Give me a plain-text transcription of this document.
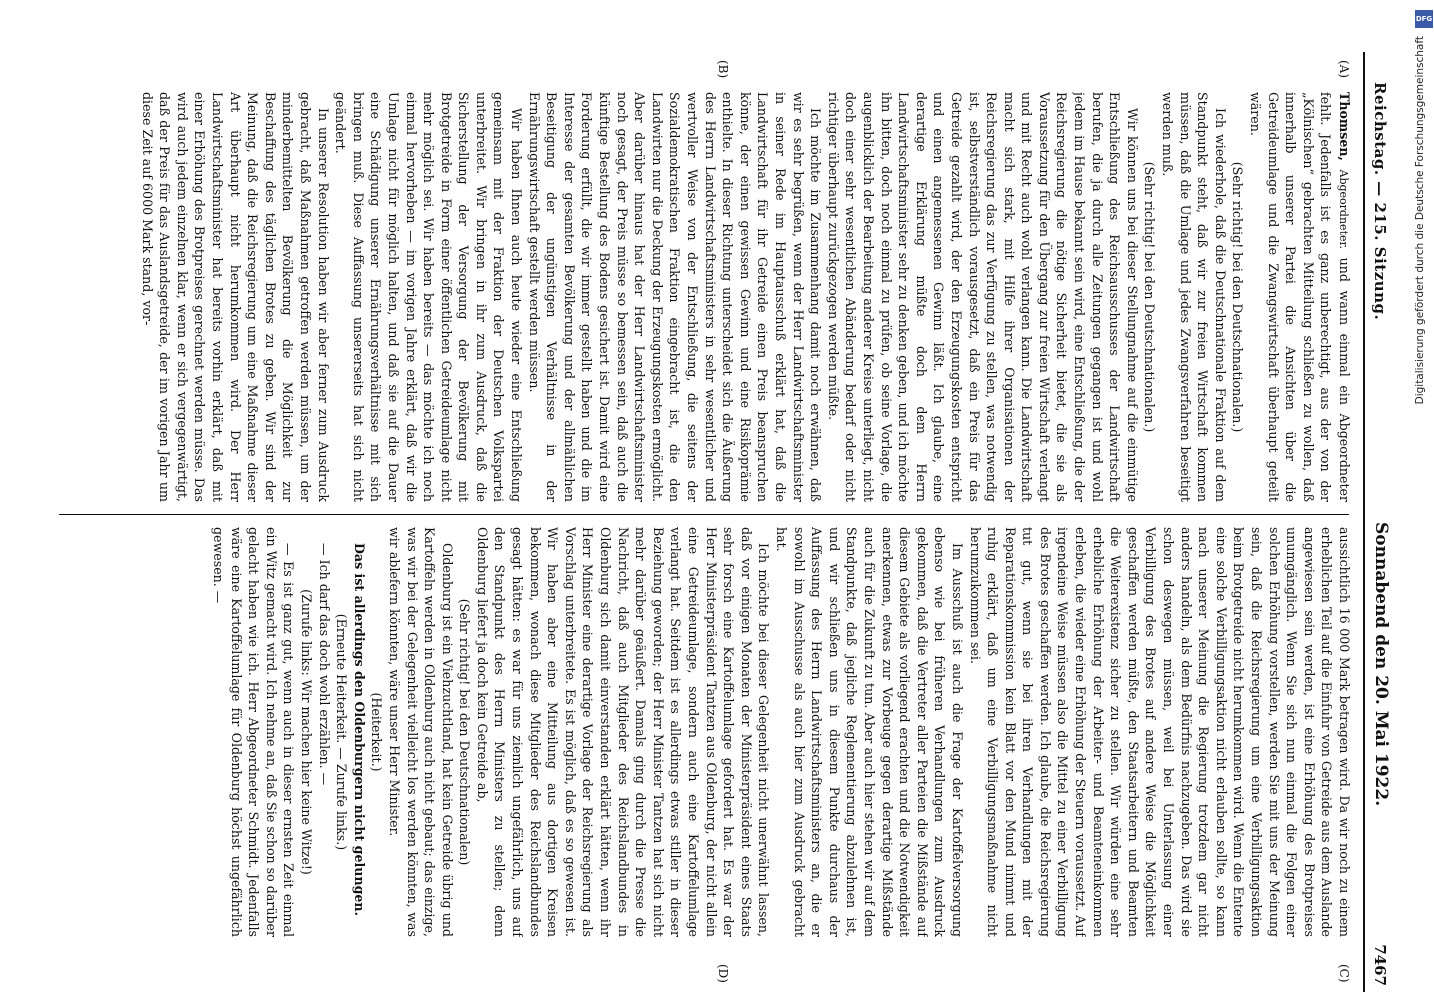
Reichstag. — 215. Sitzung.
Sonnabend den 20. Mai 1922.
7467
(A)
(B)
(C)
(D)

Thomsen, Abgeordneter. und wann einmal ein Abgeordneter fehlt. Jedenfalls ist es ganz unberechtigt, aus der von der „Kölnischen“ gebrachten Mitteilung schließen zu wollen, daß innerhalb unserer Partei die Ansichten über die Getreideumlage und die Zwangswirtschaft überhaupt geteilt wären.

(Sehr richtig! bei den Deutschnationalen.)

Ich wiederhole, daß die Deutschnationale Fraktion auf dem Standpunkt steht, daß wir zur freien Wirtschaft kommen müssen, daß die Umlage und jedes Zwangsverfahren beseitigt werden muß.

(Sehr richtig! bei den Deutschnationalen.)

Wir können uns bei dieser Stellungnahme auf die einmütige Entschließung des Reichsausschusses der Landwirtschaft berufen, die ja durch alle Zeitungen gegangen ist und wohl jedem im Hause bekannt sein wird, eine Entschließung, die der Reichsregierung die nötige Sicherheit bietet, die sie als Voraussetzung für den Übergang zur freien Wirtschaft verlangt und mit Recht auch wohl verlangen kann. Die Landwirtschaft macht sich stark, mit Hilfe ihrer Organisationen der Reichsregierung das zur Verfügung zu stellen, was notwendig ist, selbstverständlich vorausgesetzt, daß ein Preis für das Getreide gezahlt wird, der den Erzeugungskosten entspricht und einen angemessenen Gewinn läßt. Ich glaube, eine derartige Erklärung müßte doch dem Herrn Landwirtschaftsminister sehr zu denken geben, und ich möchte ihn bitten, doch noch einmal zu prüfen, ob seine Vorlage, die augenblicklich der Bearbeitung anderer Kreise unterliegt, nicht doch einer sehr wesentlichen Abänderung bedarf oder nicht richtiger überhaupt zurückgezogen werden müßte.

Ich möchte im Zusammenhang damit noch erwähnen, daß wir es sehr begrüßen, wenn der Herr Landwirtschaftsminister in seiner Rede im Hauptausschuß erklärt hat, daß die Landwirtschaft für ihr Getreide einen Preis beanspruchen könne, der einen gewissen Gewinn und eine Risikoprämie enthielte. In dieser Richtung unterscheidet sich die Äußerung des Herrn Landwirtschaftsministers in sehr wesentlicher und wertvoller Weise von der Entschließung, die seitens der Sozialdemokratischen Fraktion eingebracht ist, die den Landwirten nur die Deckung der Erzeugungskosten ermöglicht. Aber darüber hinaus hat der Herr Landwirtschaftsminister noch gesagt, der Preis müsse so bemessen sein, daß auch die künftige Bestellung des Bodens gesichert ist. Damit wird eine Forderung erfüllt, die wir immer gestellt haben und die im Interesse der gesamten Bevölkerung und der allmählichen Beseitigung der ungünstigen Verhältnisse in der Ernährungswirtschaft gestellt werden müssen.

Wir haben Ihnen auch heute wieder eine Entschließung gemeinsam mit der Fraktion der Deutschen Volkspartei unterbreitet. Wir bringen in ihr zum Ausdruck, daß die Sicherstellung der Versorgung der Bevölkerung mit Brotgetreide in Form einer öffentlichen Getreideumlage nicht mehr möglich sei. Wir haben bereits — das möchte ich noch einmal hervorheben — im vorigen Jahre erklärt, daß wir die Umlage nicht für möglich halten, und daß sie auf die Dauer eine Schädigung unserer Ernährungsverhältnisse mit sich bringen muß. Diese Auffassung unsererseits hat sich nicht geändert.

In unserer Resolution haben wir aber ferner zum Ausdruck gebracht, daß Maßnahmen getroffen werden müssen, um der minderbemittelten Bevölkerung die Möglichkeit zur Beschaffung des täglichen Brotes zu geben. Wir sind der Meinung, daß die Reichsregierung um eine Maßnahme dieser Art überhaupt nicht herumkommen wird. Der Herr Landwirtschaftsminister hat bereits vorhin erklärt, daß mit einer Erhöhung des Brotpreises gerechnet werden müsse. Das wird auch jedem einzelnen klar, wenn er sich vergegenwärtigt, daß der Preis für das Auslandsgetreide, der im vorigen Jahr um diese Zeit auf 6000 Mark stand, vor-

aussichtlich 16 000 Mark betragen wird. Da wir noch zu einem erheblichen Teil auf die Einfuhr von Getreide aus dem Auslande angewiesen sein werden, ist eine Erhöhung des Brotpreises unumgänglich. Wenn Sie sich nun einmal die Folgen einer solchen Erhöhung vorstellen, werden Sie mit uns der Meinung sein, daß die Reichsregierung um eine Verbilligungsaktion beim Brotgetreide nicht herumkommen wird. Wenn die Entente eine solche Verbilligungsaktion nicht erlauben sollte, so kann nach unserer Meinung die Regierung trotzdem gar nicht anders handeln, als dem Bedürfnis nachzugeben. Das wird sie schon deswegen müssen, weil bei Unterlassung einer Verbilligung des Brotes auf andere Weise die Möglichkeit geschaffen werden müßte, den Staatsarbeitern und Beamten die Weiterexistenz sicher zu stellen. Wir würden eine sehr erhebliche Erhöhung der Arbeiter- und Beamteneinkommen erleben, die wieder eine Erhöhung der Steuern voraussetzt. Auf irgendeine Weise müssen also die Mittel zu einer Verbilligung des Brotes geschaffen werden. Ich glaube, die Reichsregierung tut gut, wenn sie bei ihren Verhandlungen mit der Reparationskommission kein Blatt vor den Mund nimmt und ruhig erklärt, daß um eine Verbilligungsmaßnahme nicht herumzukommen sei.

Im Ausschuß ist auch die Frage der Kartoffelversorgung ebenso wie bei früheren Verhandlungen zum Ausdruck gekommen, daß die Vertreter aller Parteien die Mißstände auf diesem Gebiete als vorliegend erachten und die Notwendigkeit anerkennen, etwas zur Vorbeuge gegen derartige Mißstände auch für die Zukunft zu tun. Aber auch hier stehen wir auf dem Standpunkte, daß jegliche Reglementierung abzulehnen ist, und wir schließen uns in diesem Punkte durchaus der Auffassung des Herrn Landwirtschaftsministers an, die er sowohl im Ausschusse als auch hier zum Ausdruck gebracht hat.

Ich möchte bei dieser Gelegenheit nicht unerwähnt lassen, daß vor einigen Monaten der Ministerpräsident eines Staats sehr forsch eine Kartoffelumlage gefordert hat. Es war der Herr Ministerpräsident Tantzen aus Oldenburg, der nicht allein eine Getreideumlage, sondern auch eine Kartoffelumlage verlangt hat. Seitdem ist es allerdings etwas stiller in dieser Beziehung geworden; der Herr Minister Tantzen hat sich nicht mehr darüber geäußert. Damals ging durch die Presse die Nachricht, daß auch Mitglieder des Reichslandbundes in Oldenburg sich damit einverstanden erklärt hätten, wenn ihr Herr Minister eine derartige Vorlage der Reichsregierung als Vorschlag unterbreitete. Es ist möglich, daß es so gewesen ist. Wir haben aber eine Mitteilung aus dortigen Kreisen bekommen, wonach diese Mitglieder des Reichslandbundes gesagt hätten: es war für uns ziemlich ungefährlich, uns auf den Standpunkt des Herrn Ministers zu stellen; denn Oldenburg liefert ja doch kein Getreide ab,

(Sehr richtig! bei den Deutschnationalen)

Oldenburg ist ein Viehzuchtland, hat kein Getreide übrig und Kartoffeln werden in Oldenburg auch nicht gebaut; das einzige, was wir bei der Gelegenheit vielleicht los werden könnten, was wir ablefern könnten, wäre unser Herr Minister.

(Heiterkeit.)

Das ist allerdings den Oldenburgern nicht gelungen.

(Erneute Heiterkeit. — Zurufe links.)

— Ich darf das doch wohl erzählen. —

(Zurufe links: Wir machen hier keine Witze!)

— Es ist ganz gut, wenn auch in dieser ernsten Zeit einmal ein Witz gemacht wird. Ich nehme an, daß Sie schon so darüber gelacht haben wie ich. Herr Abgeordneter Schmidt. Jedenfalls wäre eine Kartoffelumlage für Oldenburg höchst ungefährlich gewesen. —

DFG
Digitalisierung gefördert durch die Deutsche Forschungsgemeinschaft
